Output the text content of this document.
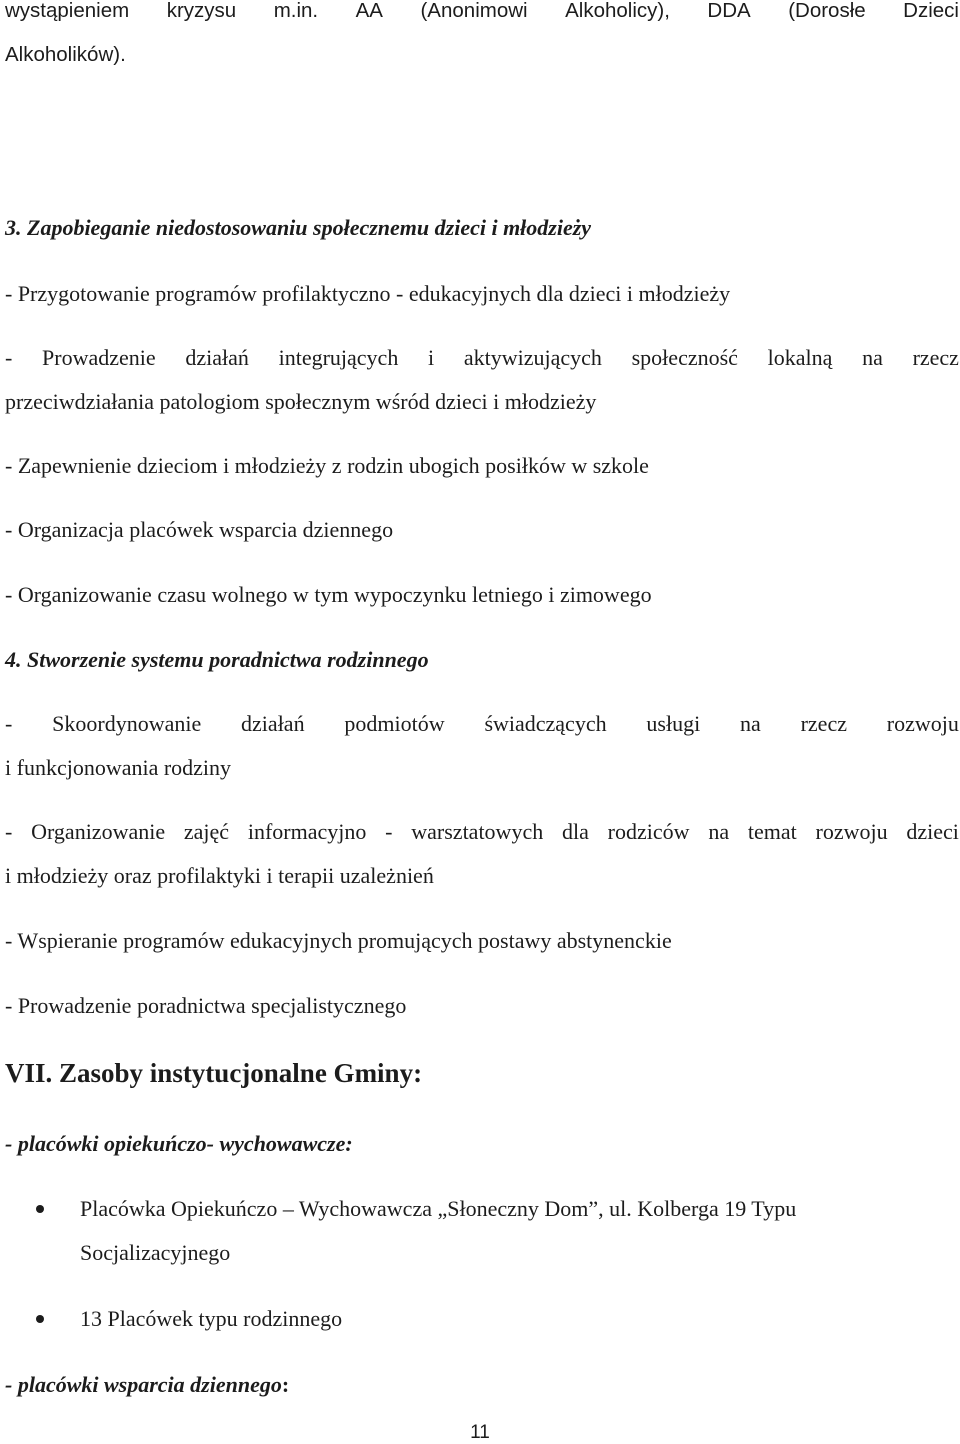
wystąpieniem kryzysu m.in. AA (Anonimowi Alkoholicy), DDA (Dorosłe Dzieci

Alkoholików).

3. Zapobieganie niedostosowaniu społecznemu dzieci i młodzieży

- Przygotowanie programów profilaktyczno - edukacyjnych dla dzieci i młodzieży

- Prowadzenie działań integrujących i aktywizujących społeczność lokalną na rzecz

przeciwdziałania patologiom społecznym wśród dzieci i młodzieży

- Zapewnienie dzieciom i młodzieży z rodzin ubogich posiłków w szkole

- Organizacja placówek wsparcia dziennego

- Organizowanie czasu wolnego w tym wypoczynku letniego i zimowego

4. Stworzenie systemu poradnictwa rodzinnego

- Skoordynowanie działań podmiotów świadczących usługi na rzecz rozwoju

i funkcjonowania rodziny

- Organizowanie zajęć informacyjno - warsztatowych dla rodziców na temat rozwoju dzieci

i młodzieży oraz profilaktyki i terapii uzależnień

- Wspieranie programów edukacyjnych promujących postawy abstynenckie

- Prowadzenie poradnictwa specjalistycznego

VII. Zasoby instytucjonalne Gminy:

- placówki opiekuńczo- wychowawcze:

Placówka Opiekuńczo – Wychowawcza „Słoneczny Dom”, ul. Kolberga 19 Typu

Socjalizacyjnego

13 Placówek typu rodzinnego

- placówki wsparcia dziennego:

11
